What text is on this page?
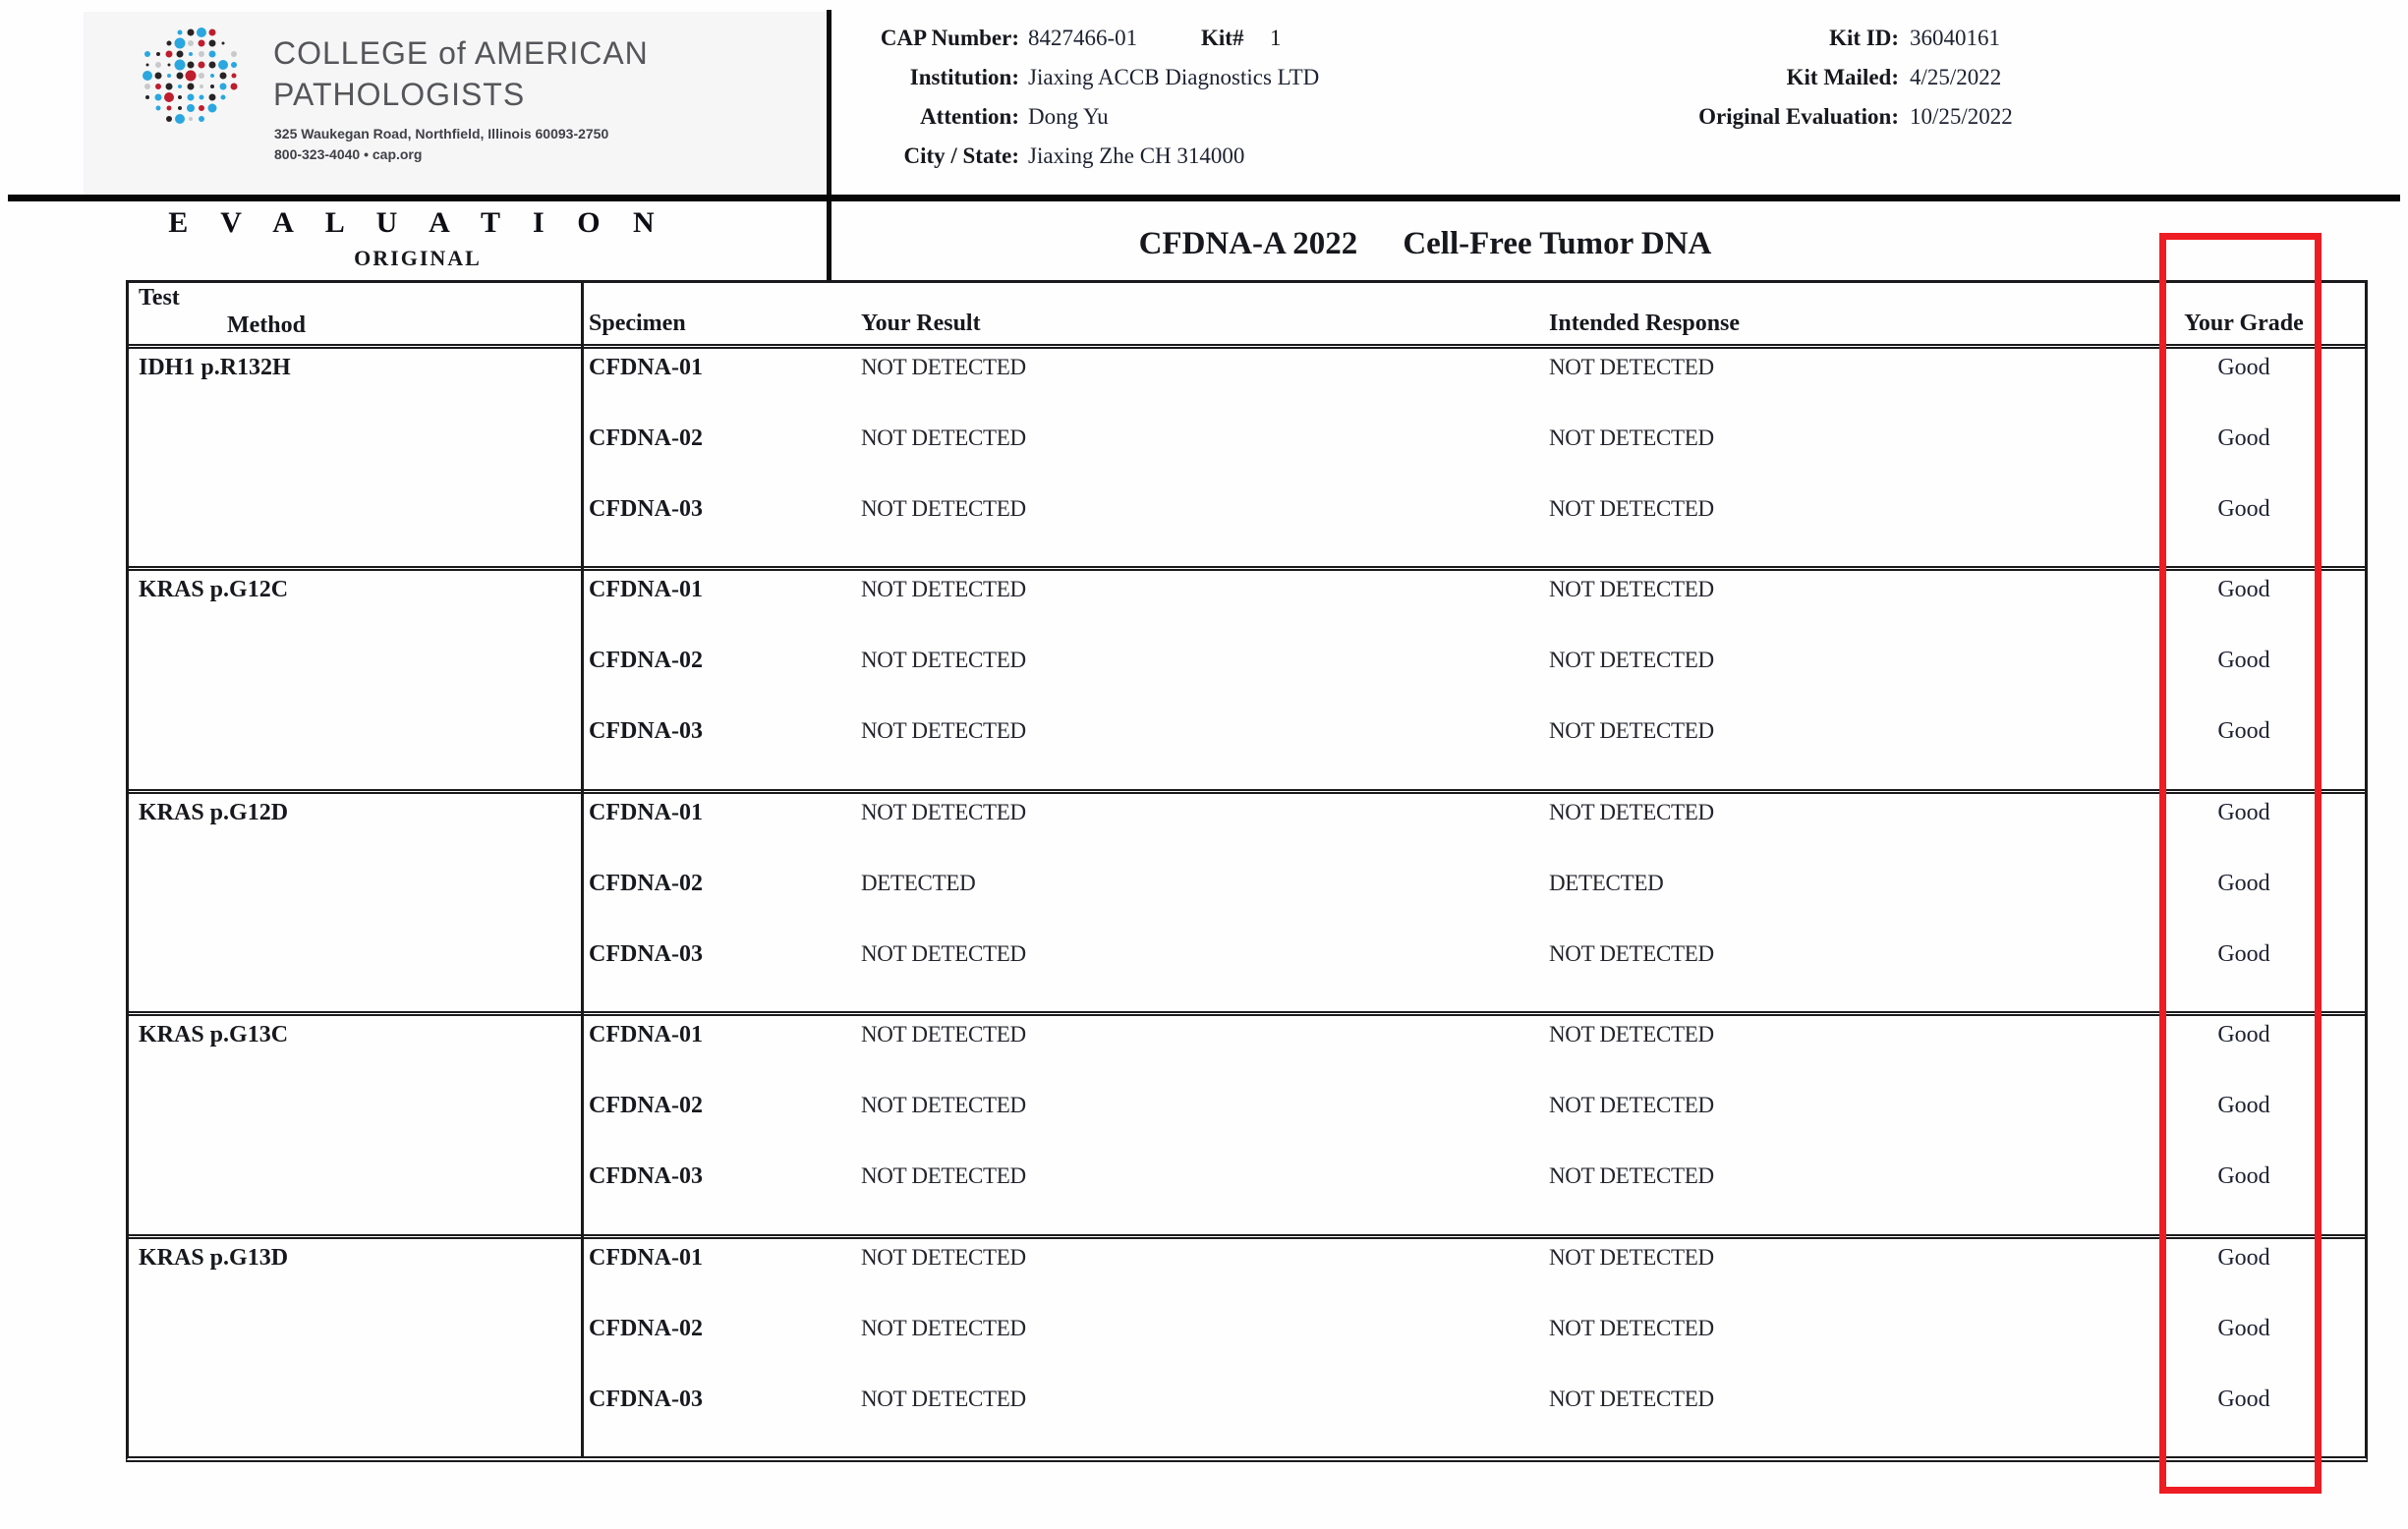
COLLEGE of AMERICAN
PATHOLOGISTS
325 Waukegan Road, Northfield, Illinois 60093-2750
800-323-4040 • cap.org
CAP Number: 8427466-01	Kit# 1
Institution: Jiaxing ACCB Diagnostics LTD
Attention: Dong Yu
City / State: Jiaxing Zhe CH 314000
Kit ID: 36040161
Kit Mailed: 4/25/2022
Original Evaluation: 10/25/2022
E V A L U A T I O N
ORIGINAL	CFDNA-A 2022 Cell-Free Tumor DNA
Test
Method	Specimen	Your Result	Intended Response	Your Grade
IDH1 p.R132H	CFDNA-01	NOT DETECTED	NOT DETECTED	Good
CFDNA-02	NOT DETECTED	NOT DETECTED	Good
CFDNA-03	NOT DETECTED	NOT DETECTED	Good
KRAS p.G12C	CFDNA-01	NOT DETECTED	NOT DETECTED	Good
CFDNA-02	NOT DETECTED	NOT DETECTED	Good
CFDNA-03	NOT DETECTED	NOT DETECTED	Good
KRAS p.G12D	CFDNA-01	NOT DETECTED	NOT DETECTED	Good
CFDNA-02	DETECTED	DETECTED	Good
CFDNA-03	NOT DETECTED	NOT DETECTED	Good
KRAS p.G13C	CFDNA-01	NOT DETECTED	NOT DETECTED	Good
CFDNA-02	NOT DETECTED	NOT DETECTED	Good
CFDNA-03	NOT DETECTED	NOT DETECTED	Good
KRAS p.G13D	CFDNA-01	NOT DETECTED	NOT DETECTED	Good
CFDNA-02	NOT DETECTED	NOT DETECTED	Good
CFDNA-03	NOT DETECTED	NOT DETECTED	Good
